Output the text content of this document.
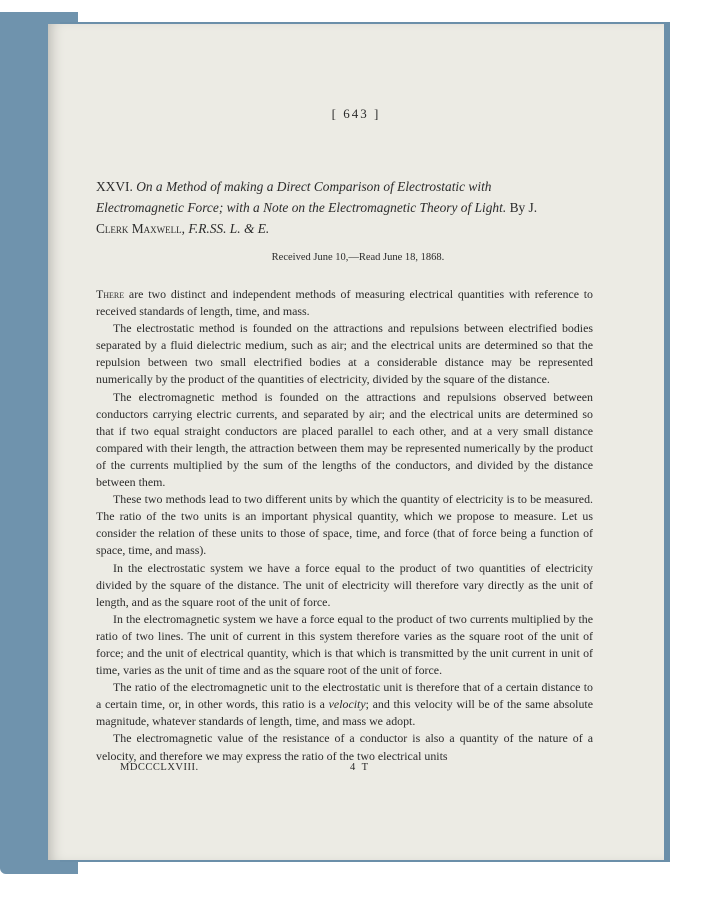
[ 643 ]
XXVI. On a Method of making a Direct Comparison of Electrostatic with Electromagnetic Force; with a Note on the Electromagnetic Theory of Light. By J. Clerk Maxwell, F.R.SS. L. & E.
Received June 10,—Read June 18, 1868.

There are two distinct and independent methods of measuring electrical quantities with reference to received standards of length, time, and mass.

The electrostatic method is founded on the attractions and repulsions between electrified bodies separated by a fluid dielectric medium, such as air; and the electrical units are determined so that the repulsion between two small electrified bodies at a considerable distance may be represented numerically by the product of the quantities of electricity, divided by the square of the distance.

The electromagnetic method is founded on the attractions and repulsions observed between conductors carrying electric currents, and separated by air; and the electrical units are determined so that if two equal straight conductors are placed parallel to each other, and at a very small distance compared with their length, the attraction between them may be represented numerically by the product of the currents multiplied by the sum of the lengths of the conductors, and divided by the distance between them.

These two methods lead to two different units by which the quantity of electricity is to be measured. The ratio of the two units is an important physical quantity, which we propose to measure. Let us consider the relation of these units to those of space, time, and force (that of force being a function of space, time, and mass).

In the electrostatic system we have a force equal to the product of two quantities of electricity divided by the square of the distance. The unit of electricity will therefore vary directly as the unit of length, and as the square root of the unit of force.

In the electromagnetic system we have a force equal to the product of two currents multiplied by the ratio of two lines. The unit of current in this system therefore varies as the square root of the unit of force; and the unit of electrical quantity, which is that which is transmitted by the unit current in unit of time, varies as the unit of time and as the square root of the unit of force.

The ratio of the electromagnetic unit to the electrostatic unit is therefore that of a certain distance to a certain time, or, in other words, this ratio is a velocity; and this velocity will be of the same absolute magnitude, whatever standards of length, time, and mass we adopt.

The electromagnetic value of the resistance of a conductor is also a quantity of the nature of a velocity, and therefore we may express the ratio of the two electrical units

MDCCCLXVIII.	4 T
